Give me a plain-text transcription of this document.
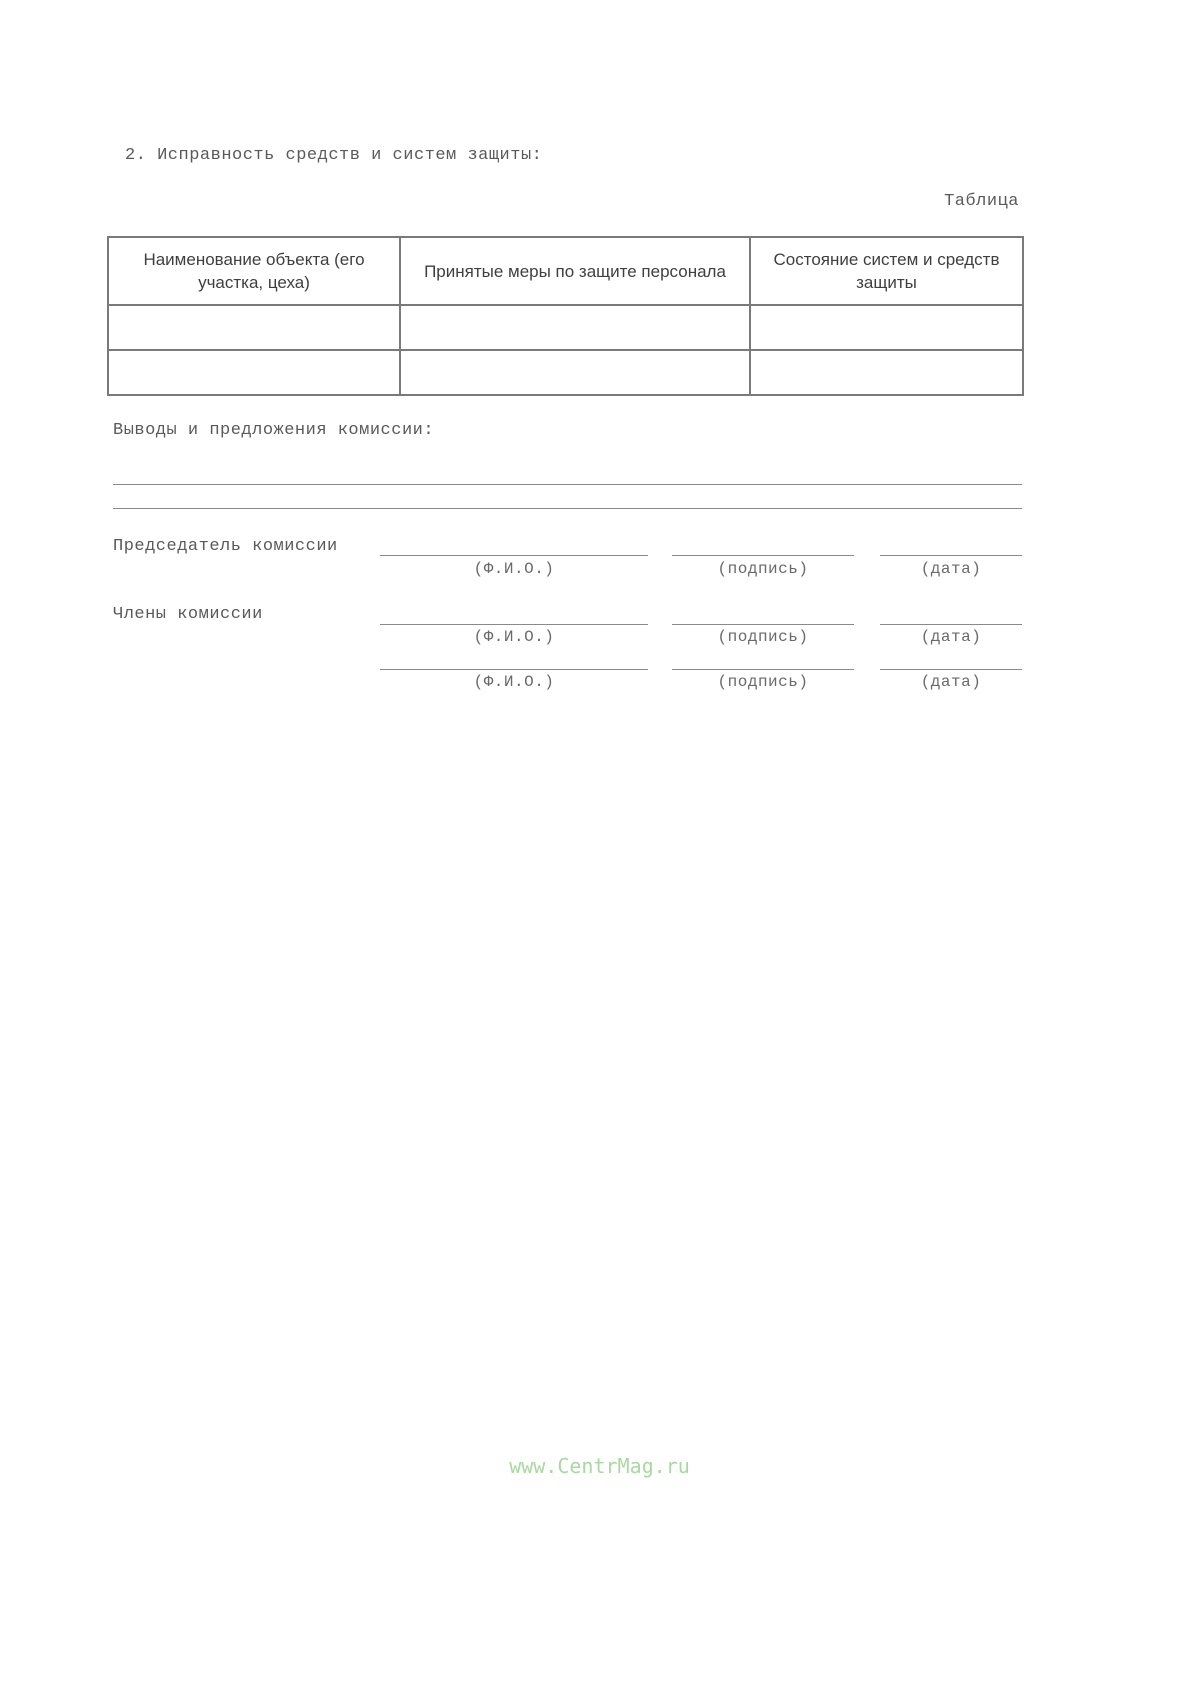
2. Исправность средств и систем защиты:
Таблица
Наименование объекта (его участка, цеха)	Принятые меры по защите персонала	Состояние систем и средств защиты

Выводы и предложения комиссии:
Председатель комиссии
(Ф.И.О.)	(подпись)	(дата)
Члены комиссии
(Ф.И.О.)	(подпись)	(дата)
(Ф.И.О.)	(подпись)	(дата)
www.CentrMag.ru
